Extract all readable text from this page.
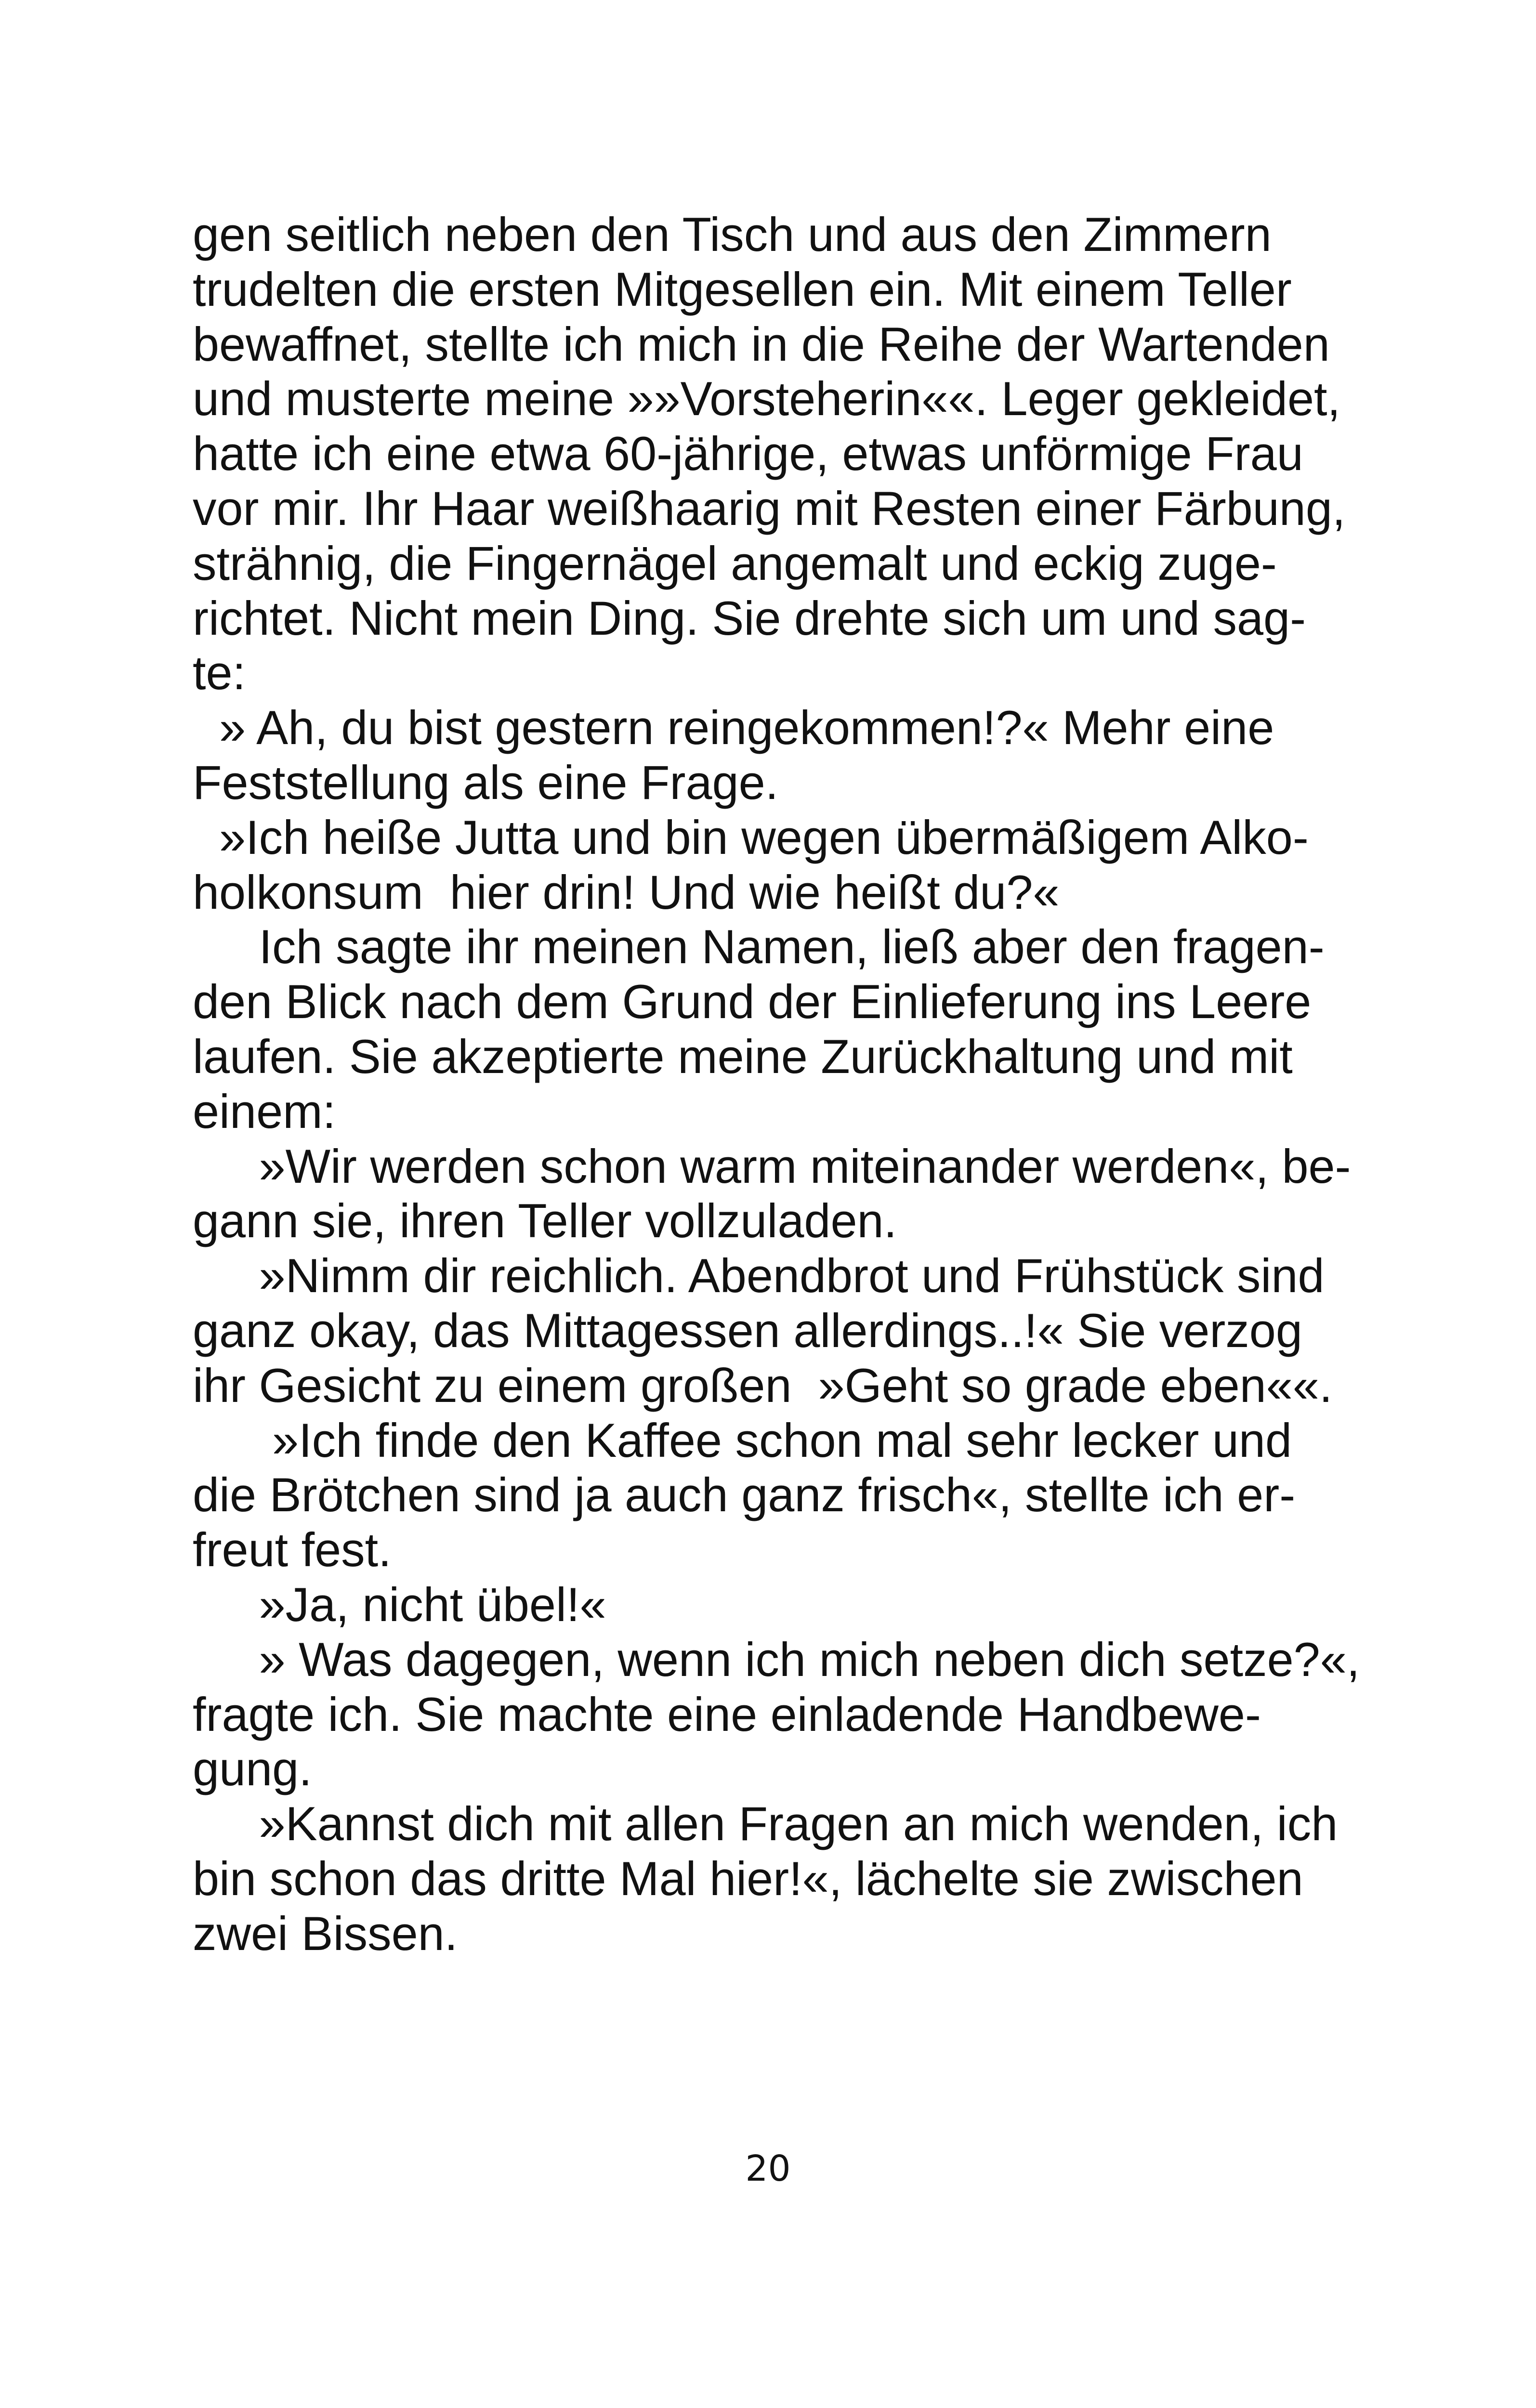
gen seitlich neben den Tisch und aus den Zimmern
trudelten die ersten Mitgesellen ein. Mit einem Teller
bewaffnet, stellte ich mich in die Reihe der Wartenden
und musterte meine »»Vorsteherin««. Leger gekleidet,
hatte ich eine etwa 60-jährige, etwas unförmige Frau
vor mir. Ihr Haar weißhaarig mit Resten einer Färbung,
strähnig, die Fingernägel angemalt und eckig zuge-
richtet. Nicht mein Ding. Sie drehte sich um und sag-
te:
» Ah, du bist gestern reingekommen!?« Mehr eine
Feststellung als eine Frage.
»Ich heiße Jutta und bin wegen übermäßigem Alko-
holkonsum  hier drin! Und wie heißt du?«
Ich sagte ihr meinen Namen, ließ aber den fragen-
den Blick nach dem Grund der Einlieferung ins Leere
laufen. Sie akzeptierte meine Zurückhaltung und mit
einem:
»Wir werden schon warm miteinander werden«, be-
gann sie, ihren Teller vollzuladen.
»Nimm dir reichlich. Abendbrot und Frühstück sind
ganz okay, das Mittagessen allerdings..!« Sie verzog
ihr Gesicht zu einem großen  »Geht so grade eben««.
»Ich finde den Kaffee schon mal sehr lecker und
die Brötchen sind ja auch ganz frisch«, stellte ich er-
freut fest.
»Ja, nicht übel!«
» Was dagegen, wenn ich mich neben dich setze?«,
fragte ich. Sie machte eine einladende Handbewe-
gung.
»Kannst dich mit allen Fragen an mich wenden, ich
bin schon das dritte Mal hier!«, lächelte sie zwischen
zwei Bissen.
20
